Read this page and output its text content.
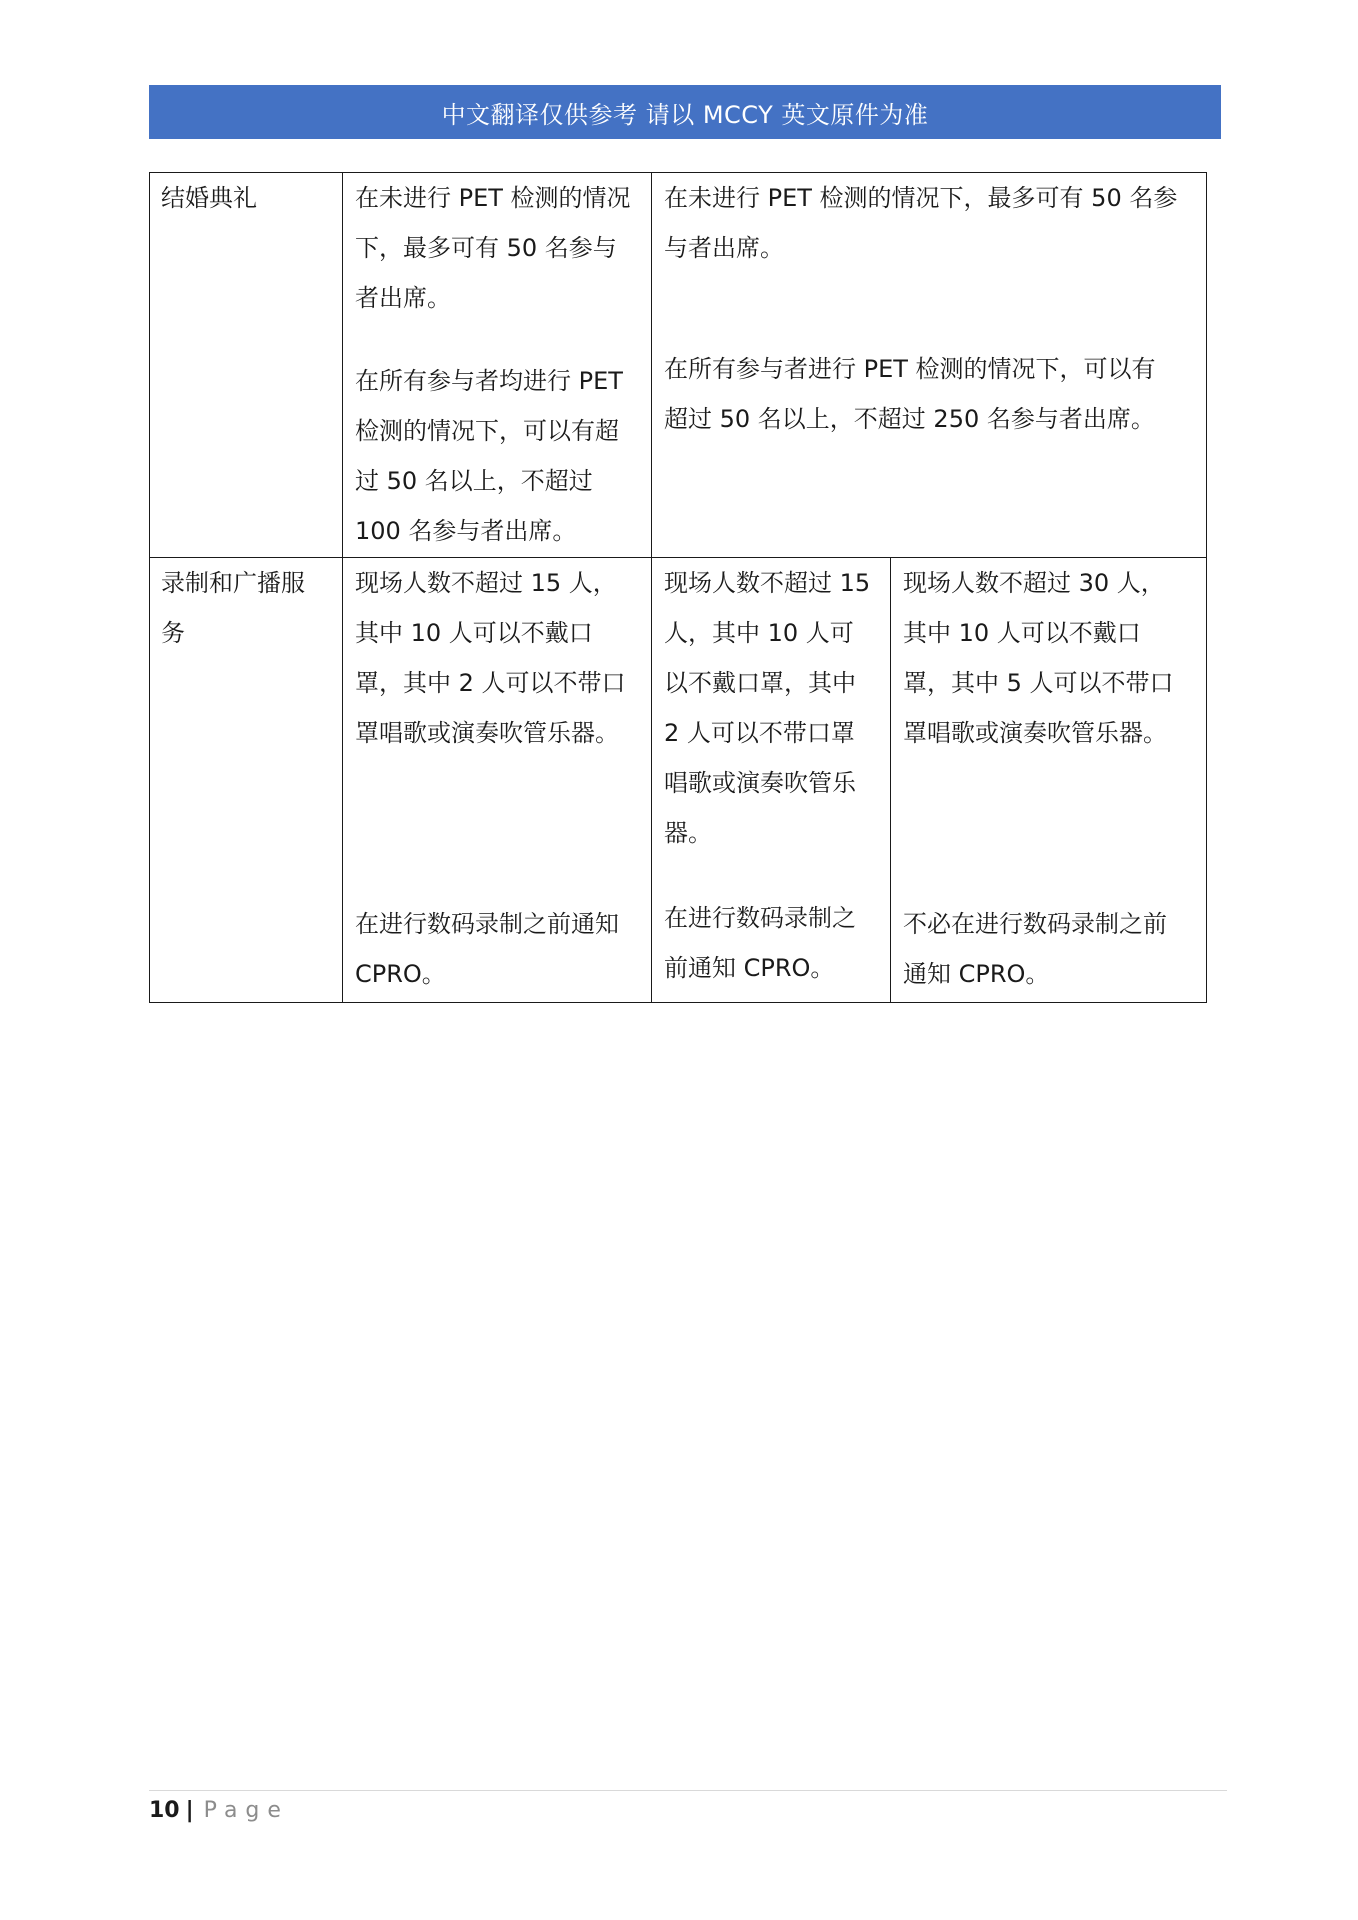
中文翻译仅供参考 请以 MCCY 英文原件为准

结婚典礼	在未进行 PET 检测的情况

下，最多可有 50 名参与

者出席。

在所有参与者均进行 PET

检测的情况下，可以有超

过 50 名以上，不超过

100 名参与者出席。

在未进行 PET 检测的情况下，最多可有 50 名参

与者出席。

在所有参与者进行 PET 检测的情况下，可以有

超过 50 名以上，不超过 250 名参与者出席。

录制和广播服

务

现场人数不超过 15 人，

其中 10 人可以不戴口

罩，其中 2 人可以不带口

罩唱歌或演奏吹管乐器。

在进行数码录制之前通知

CPRO。

现场人数不超过 15

人，其中 10 人可

以不戴口罩，其中

2 人可以不带口罩

唱歌或演奏吹管乐

器。

在进行数码录制之

前通知 CPRO。

现场人数不超过 30 人，

其中 10 人可以不戴口

罩，其中 5 人可以不带口

罩唱歌或演奏吹管乐器。

不必在进行数码录制之前

通知 CPRO。

10 | Page
